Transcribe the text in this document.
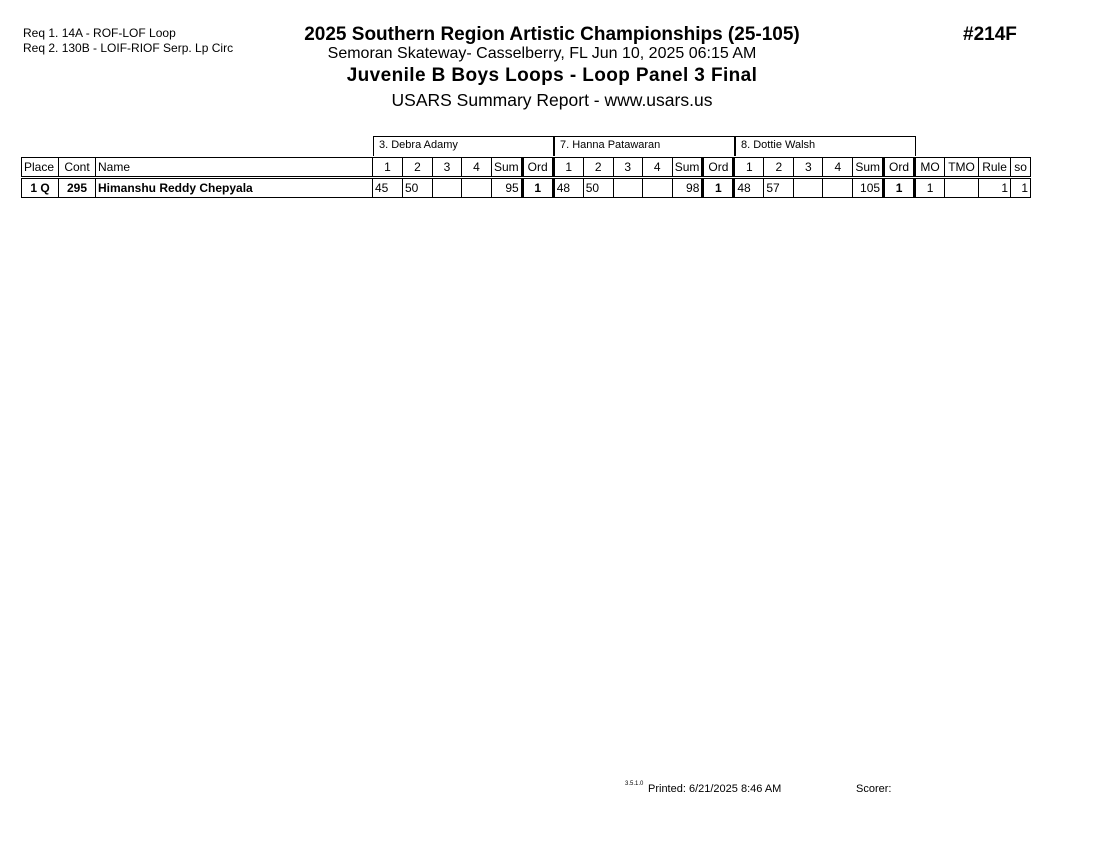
Req 1. 14A - ROF-LOF Loop
Req 2. 130B - LOIF-RIOF Serp. Lp Circ
#214F
2025 Southern Region Artistic Championships (25-105)
Semoran Skateway- Casselberry, FL Jun 10, 2025 06:15 AM
Juvenile B Boys Loops - Loop Panel 3 Final
USARS Summary Report - www.usars.us
3. Debra Adamy	7. Hanna Patawaran	8. Dottie Walsh
Place	Cont	Name	1	2	3	4	Sum	Ord	1	2	3	4	Sum	Ord	1	2	3	4	Sum	Ord	MO	TMO	Rule	so
1 Q	295	Himanshu Reddy Chepyala	45	50			95	1	48	50			98	1	48	57			105	1	1		1	1
3.5.1.0 Printed: 6/21/2025 8:46 AM	Scorer:
